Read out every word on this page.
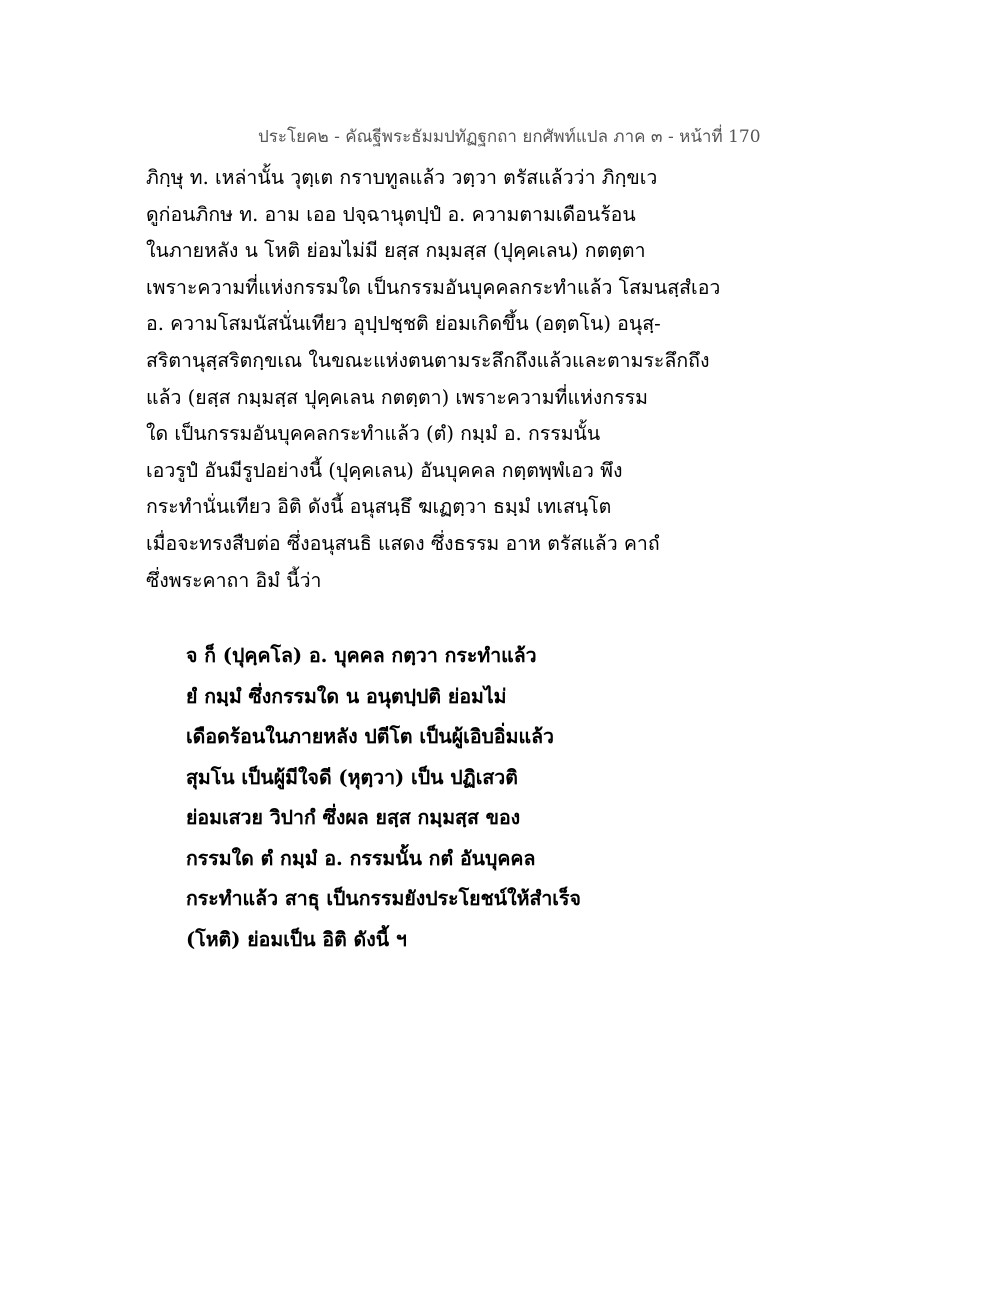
ประโยค๒ - คัณฐีพระธัมมปทัฏฐกถา ยกศัพท์แปล ภาค ๓ - หน้าที่ 170
ภิกฺษุ ท. เหล่านั้น วุตฺเต กราบทูลแล้ว วตฺวา ตรัสแล้วว่า ภิกฺขเว
ดูก่อนภิกษ ท. อาม เออ ปจฺฉานุตปฺปํ อ. ความตามเดือนร้อน
ในภายหลัง น โหติ ย่อมไม่มี ยสฺส กมฺมสฺส (ปุคฺคเลน) กตตฺตา
เพราะความที่แห่งกรรมใด เป็นกรรมอันบุคคลกระทำแล้ว โสมนสฺสํเอว
อ. ความโสมนัสนั่นเทียว อุปฺปชฺชติ ย่อมเกิดขึ้น (อตฺตโน) อนุสฺ-
สริตานุสฺสริตกฺขเณ ในขณะแห่งตนตามระลึกถึงแล้วและตามระลึกถึง
แล้ว (ยสฺส กมฺมสฺส ปุคฺคเลน กตตฺตา) เพราะความที่แห่งกรรม
ใด เป็นกรรมอันบุคคลกระทำแล้ว (ตํ) กมฺมํ อ. กรรมนั้น
เอวรูปํ อันมีรูปอย่างนี้ (ปุคฺคเลน) อันบุคคล กตฺตพฺพํเอว พึง
กระทำนั่นเทียว อิติ ดังนี้ อนุสนฺธึ ฆเฏตฺวา ธมฺมํ เทเสนฺโต
เมื่อจะทรงสืบต่อ ซึ่งอนุสนธิ แสดง ซึ่งธรรม อาห ตรัสแล้ว คาถํ
ซึ่งพระคาถา อิมํ นี้ว่า
จ ก็ (ปุคฺคโล) อ. บุคคล กตฺวา กระทำแล้ว
ยํ กมฺมํ ซึ่งกรรมใด น อนุตปฺปติ ย่อมไม่
เดือดร้อนในภายหลัง ปตีโต เป็นผู้เอิบอิ่มแล้ว
สุมโน เป็นผู้มีใจดี (หุตฺวา) เป็น ปฏิเสวติ
ย่อมเสวย วิปากํ ซึ่งผล ยสฺส กมฺมสฺส ของ
กรรมใด ตํ กมฺมํ อ. กรรมนั้น กตํ อันบุคคล
กระทำแล้ว สาธุ เป็นกรรมยังประโยชน์ให้สำเร็จ
(โหติ) ย่อมเป็น อิติ ดังนี้ ฯ
